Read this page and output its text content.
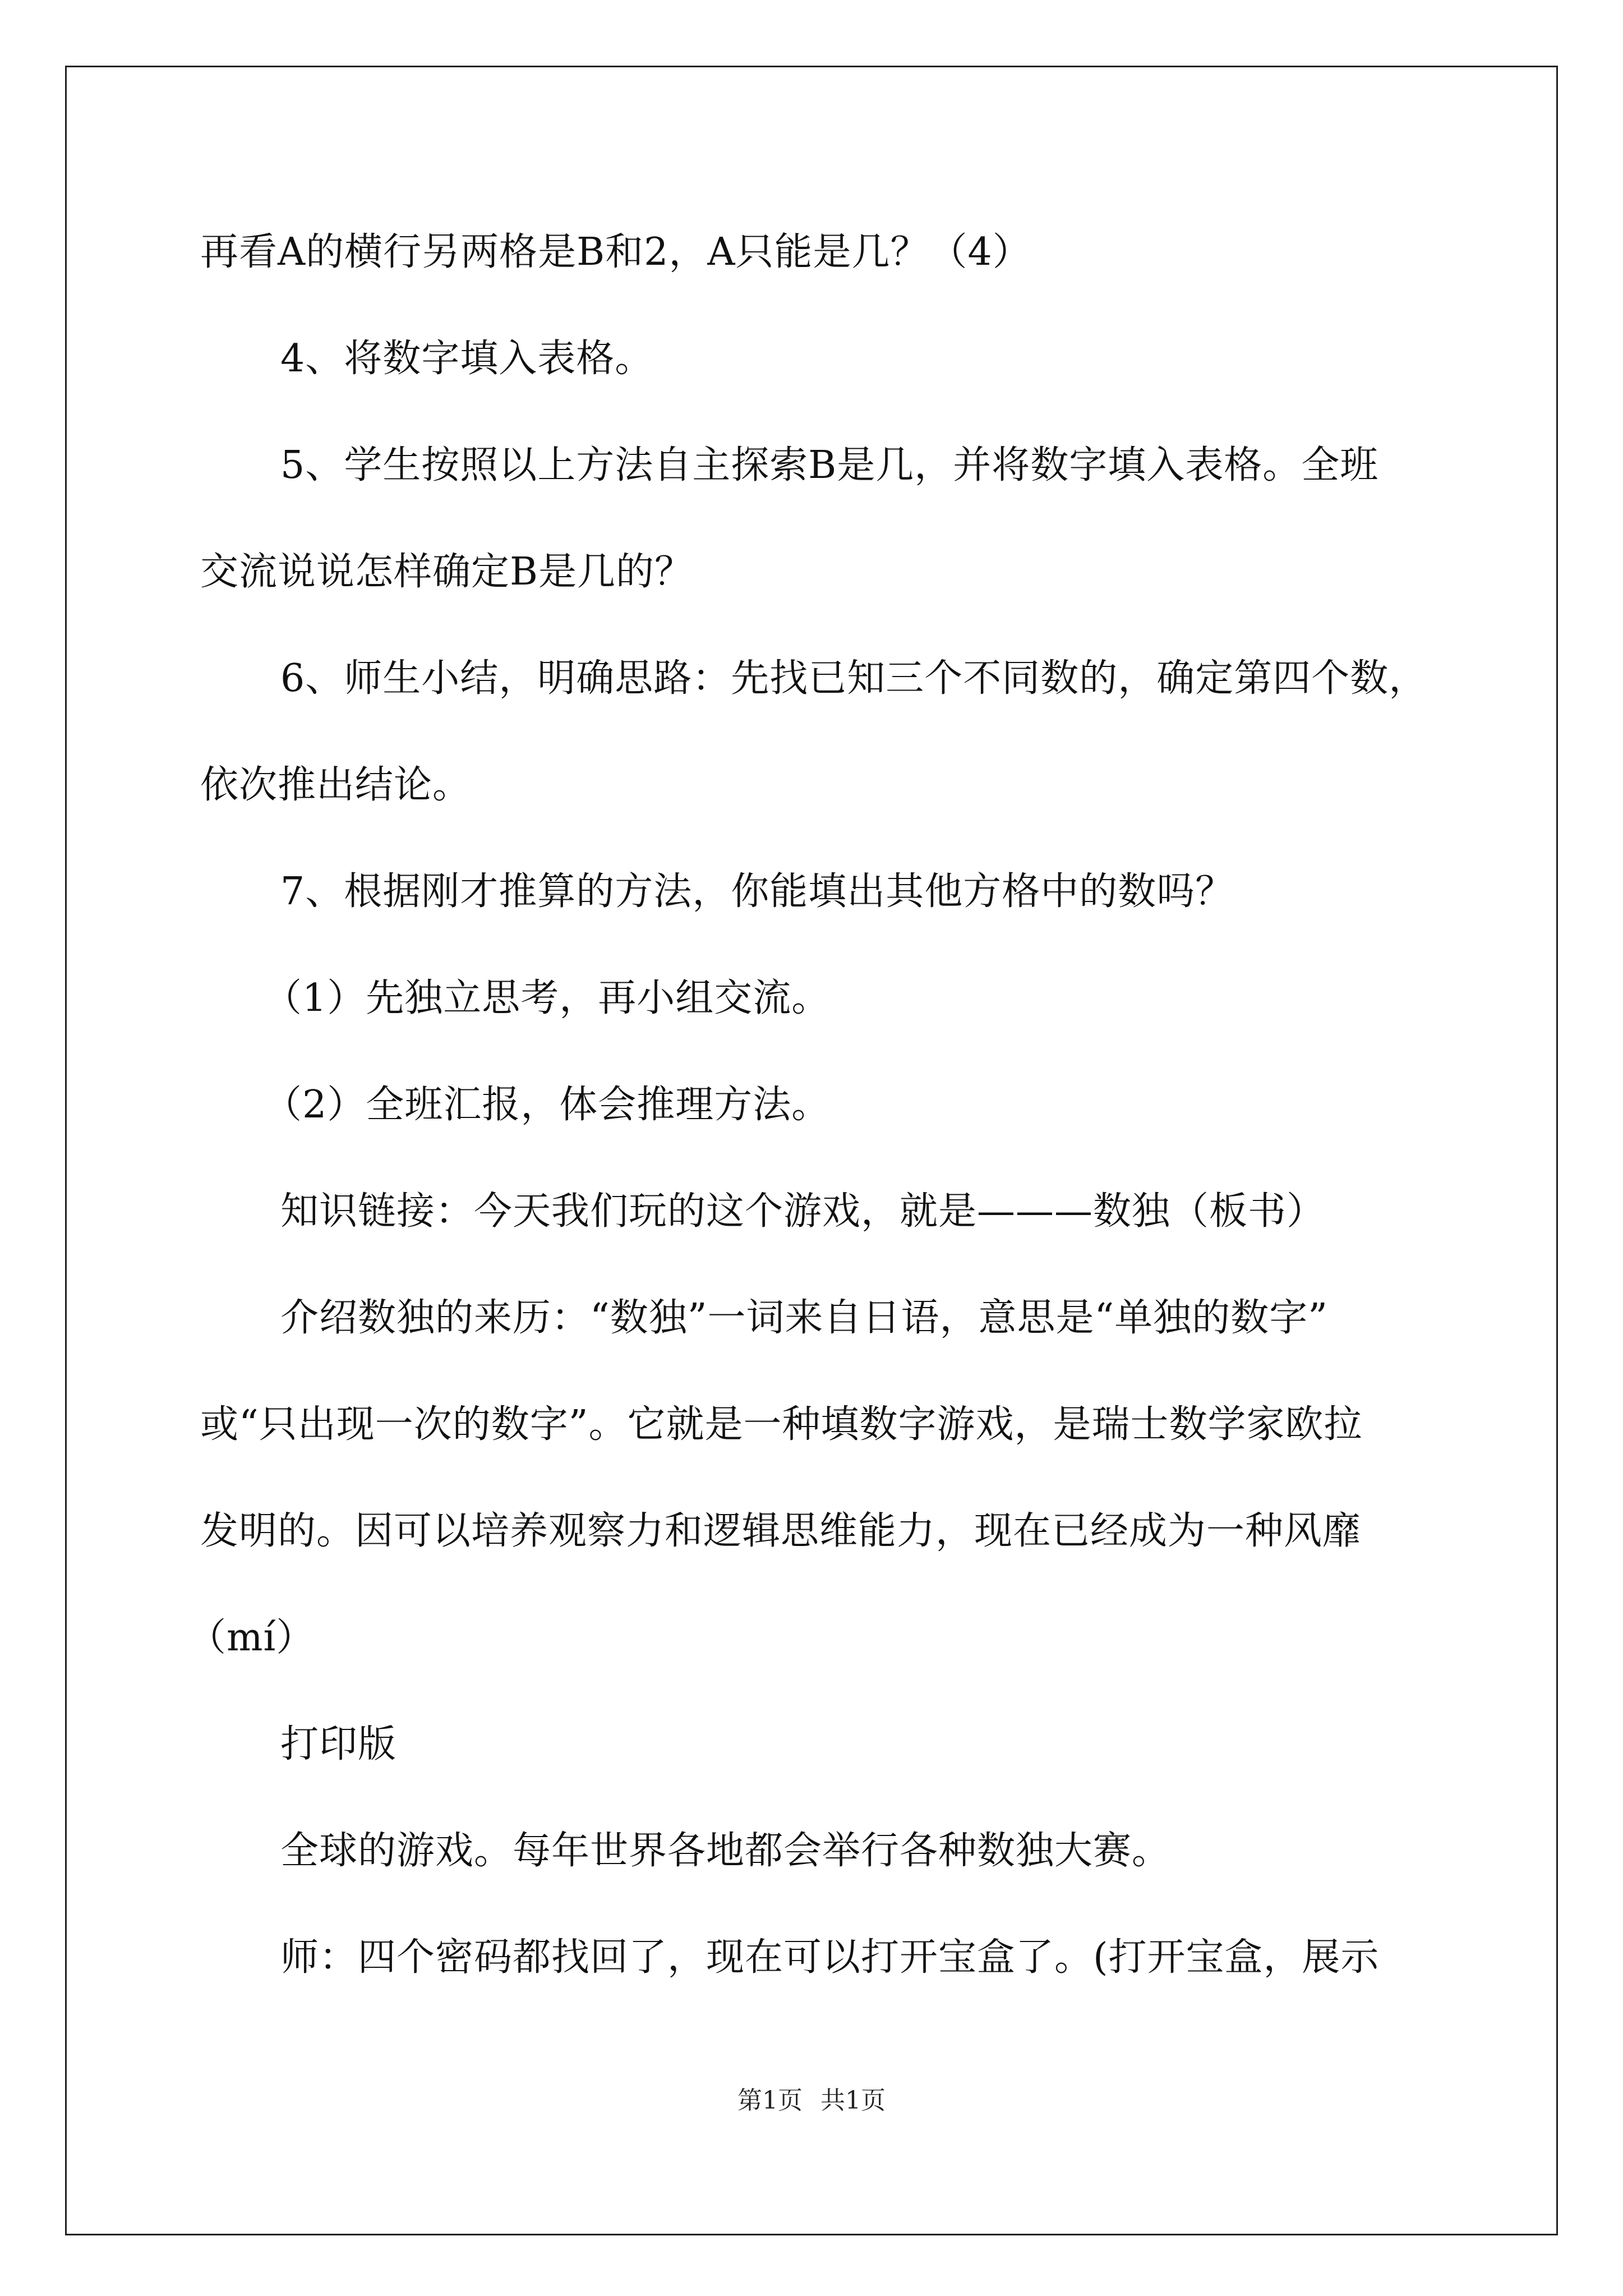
再看A的横行另两格是B和2，A只能是几？（4）
4、将数字填入表格。
5、学生按照以上方法自主探索B是几，并将数字填入表格。全班
交流说说怎样确定B是几的？
6、师生小结，明确思路：先找已知三个不同数的，确定第四个数，
依次推出结论。
7、根据刚才推算的方法，你能填出其他方格中的数吗？
（1）先独立思考，再小组交流。
（2）全班汇报，体会推理方法。
知识链接：今天我们玩的这个游戏，就是———数独（板书）
介绍数独的来历：“数独”一词来自日语，意思是“单独的数字”
或“只出现一次的数字”。它就是一种填数字游戏，是瑞士数学家欧拉
发明的。因可以培养观察力和逻辑思维能力，现在已经成为一种风靡
（mí）
打印版
全球的游戏。每年世界各地都会举行各种数独大赛。
师：四个密码都找回了，现在可以打开宝盒了。(打开宝盒，展示
第1页 共1页
